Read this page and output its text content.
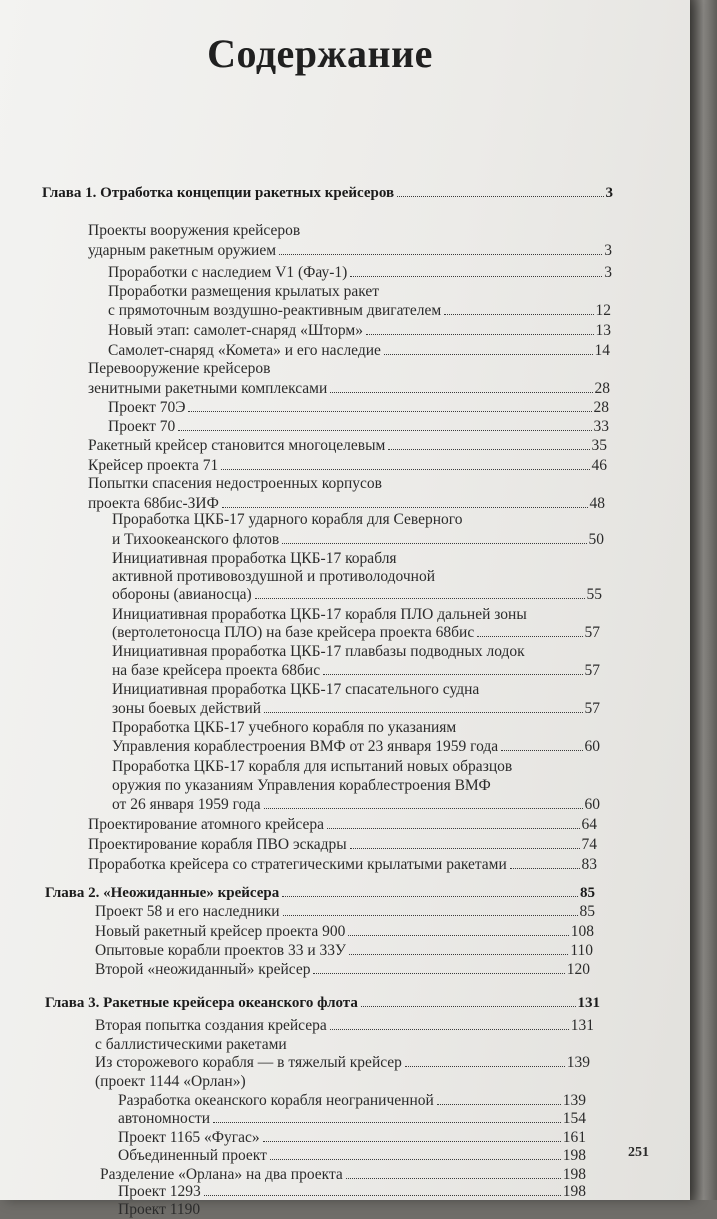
Содержание
Глава 1. Отработка концепции ракетных крейсеров	3
Проекты вооружения крейсеров
ударным ракетным оружием	3
Проработки с наследием V1 (Фау-1)	3
Проработки размещения крылатых ракет
с прямоточным воздушно-реактивным двигателем	12
Новый этап: самолет-снаряд «Шторм»	13
Самолет-снаряд «Комета» и его наследие	14
Перевооружение крейсеров
зенитными ракетными комплексами	28
Проект 70Э	28
Проект 70	33
Ракетный крейсер становится многоцелевым	35
Крейсер проекта 71	46
Попытки спасения недостроенных корпусов
проекта 68бис-ЗИФ	48
Проработка ЦКБ-17 ударного корабля для Северного
и Тихоокеанского флотов	50
Инициативная проработка ЦКБ-17 корабля
активной противовоздушной и противолодочной
обороны (авианосца)	55
Инициативная проработка ЦКБ-17 корабля ПЛО дальней зоны
(вертолетоносца ПЛО) на базе крейсера проекта 68бис	57
Инициативная проработка ЦКБ-17 плавбазы подводных лодок
на базе крейсера проекта 68бис	57
Инициативная проработка ЦКБ-17 спасательного судна
зоны боевых действий	57
Проработка ЦКБ-17 учебного корабля по указаниям
Управления кораблестроения ВМФ от 23 января 1959 года	60
Проработка ЦКБ-17 корабля для испытаний новых образцов
оружия по указаниям Управления кораблестроения ВМФ
от 26 января 1959 года	60
Проектирование атомного крейсера	64
Проектирование корабля ПВО эскадры	74
Проработка крейсера со стратегическими крылатыми ракетами	83
Глава 2. «Неожиданные» крейсера	85
Проект 58 и его наследники	85
Новый ракетный крейсер проекта 900	108
Опытовые корабли проектов 33 и 33У	110
Второй «неожиданный» крейсер	120
Глава 3. Ракетные крейсера океанского флота	131
Вторая попытка создания крейсера	131
с баллистическими ракетами
Из сторожевого корабля — в тяжелый крейсер	139
(проект 1144 «Орлан»)
Разработка океанского корабля неограниченной	139
автономности	154
Проект 1165 «Фугас»	161
Объединенный проект	198
Разделение «Орлана» на два проекта	198
Проект 1293	198
Проект 1190
251
